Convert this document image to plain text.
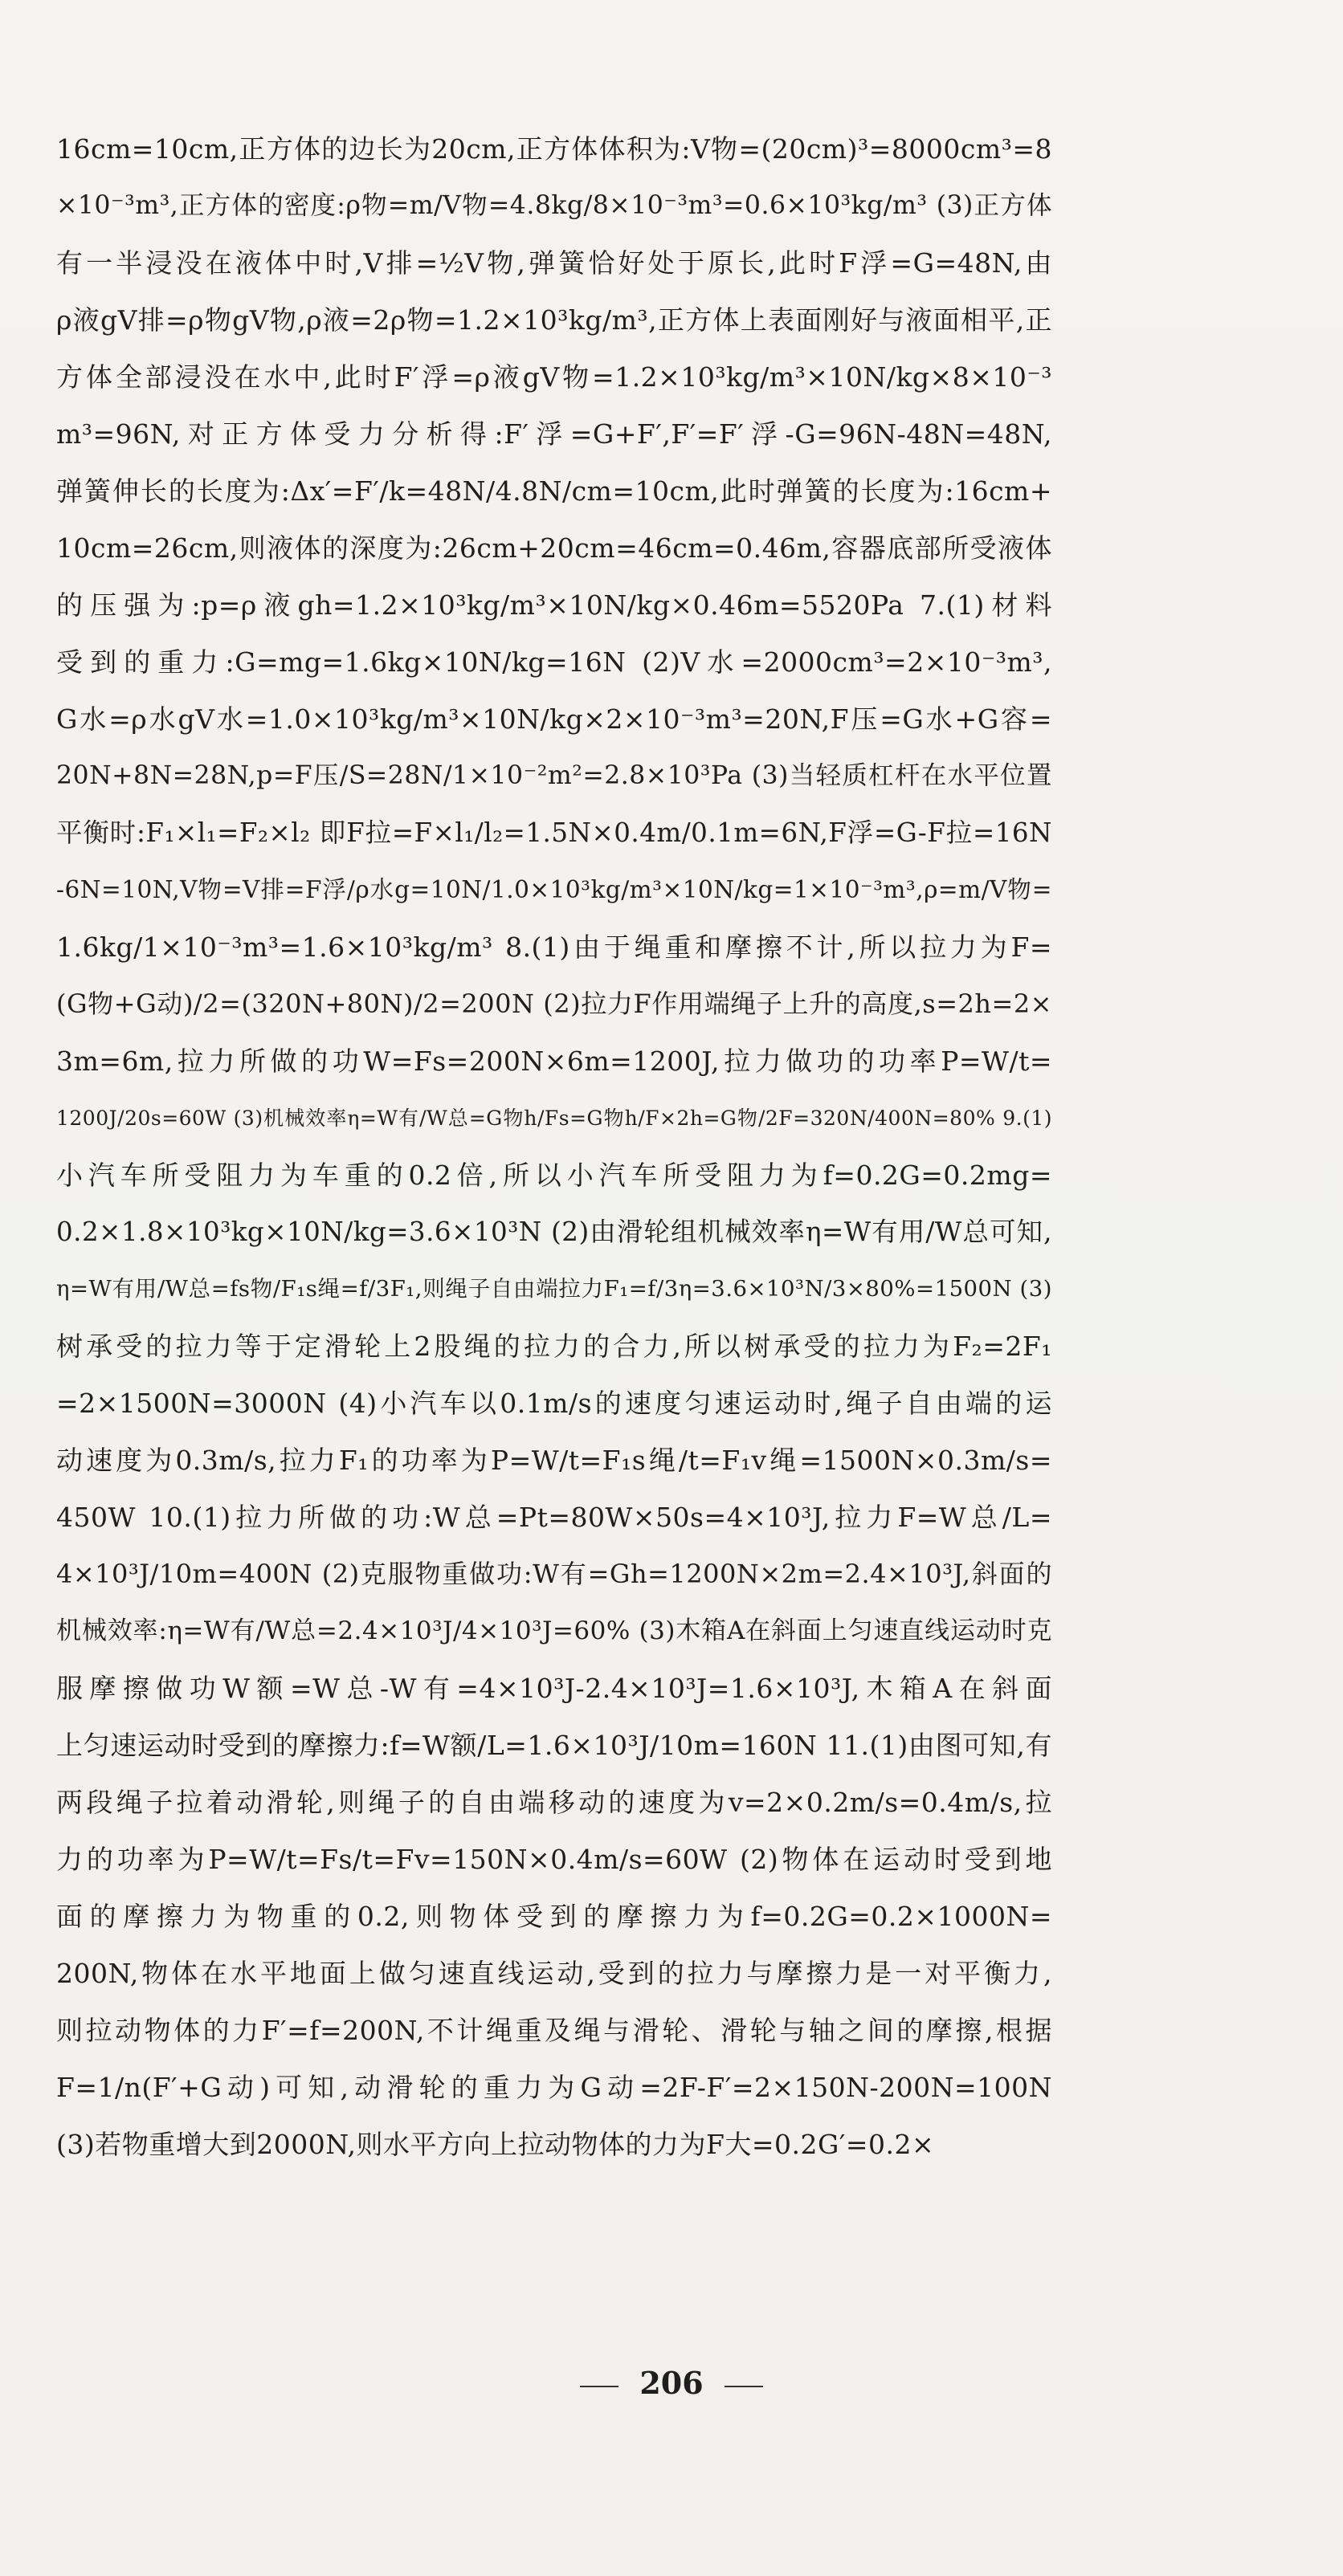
16cm=10cm,正方体的边长为20cm,正方体体积为:V物=(20cm)³=8000cm³=8
×10⁻³m³,正方体的密度:ρ物=m/V物=4.8kg/8×10⁻³m³=0.6×10³kg/m³ (3)正方体
有一半浸没在液体中时,V排=½V物,弹簧恰好处于原长,此时F浮=G=48N,由
ρ液gV排=ρ物gV物,ρ液=2ρ物=1.2×10³kg/m³,正方体上表面刚好与液面相平,正
方体全部浸没在水中,此时F′浮=ρ液gV物=1.2×10³kg/m³×10N/kg×8×10⁻³
m³=96N,对正方体受力分析得:F′浮=G+F′,F′=F′浮-G=96N-48N=48N,
弹簧伸长的长度为:Δx′=F′/k=48N/4.8N/cm=10cm,此时弹簧的长度为:16cm+
10cm=26cm,则液体的深度为:26cm+20cm=46cm=0.46m,容器底部所受液体
的压强为:p=ρ液gh=1.2×10³kg/m³×10N/kg×0.46m=5520Pa 7.(1)材料
受到的重力:G=mg=1.6kg×10N/kg=16N (2)V水=2000cm³=2×10⁻³m³,
G水=ρ水gV水=1.0×10³kg/m³×10N/kg×2×10⁻³m³=20N,F压=G水+G容=
20N+8N=28N,p=F压/S=28N/1×10⁻²m²=2.8×10³Pa (3)当轻质杠杆在水平位置
平衡时:F₁×l₁=F₂×l₂ 即F拉=F×l₁/l₂=1.5N×0.4m/0.1m=6N,F浮=G-F拉=16N
-6N=10N,V物=V排=F浮/ρ水g=10N/1.0×10³kg/m³×10N/kg=1×10⁻³m³,ρ=m/V物=
1.6kg/1×10⁻³m³=1.6×10³kg/m³ 8.(1)由于绳重和摩擦不计,所以拉力为F=
(G物+G动)/2=(320N+80N)/2=200N (2)拉力F作用端绳子上升的高度,s=2h=2×
3m=6m,拉力所做的功W=Fs=200N×6m=1200J,拉力做功的功率P=W/t=
1200J/20s=60W (3)机械效率η=W有/W总=G物h/Fs=G物h/F×2h=G物/2F=320N/400N=80% 9.(1)
小汽车所受阻力为车重的0.2倍,所以小汽车所受阻力为f=0.2G=0.2mg=
0.2×1.8×10³kg×10N/kg=3.6×10³N (2)由滑轮组机械效率η=W有用/W总可知,
η=W有用/W总=fs物/F₁s绳=f/3F₁,则绳子自由端拉力F₁=f/3η=3.6×10³N/3×80%=1500N (3)
树承受的拉力等于定滑轮上2股绳的拉力的合力,所以树承受的拉力为F₂=2F₁
=2×1500N=3000N (4)小汽车以0.1m/s的速度匀速运动时,绳子自由端的运
动速度为0.3m/s,拉力F₁的功率为P=W/t=F₁s绳/t=F₁v绳=1500N×0.3m/s=
450W 10.(1)拉力所做的功:W总=Pt=80W×50s=4×10³J,拉力F=W总/L=
4×10³J/10m=400N (2)克服物重做功:W有=Gh=1200N×2m=2.4×10³J,斜面的
机械效率:η=W有/W总=2.4×10³J/4×10³J=60% (3)木箱A在斜面上匀速直线运动时克
服摩擦做功W额=W总-W有=4×10³J-2.4×10³J=1.6×10³J,木箱A在斜面
上匀速运动时受到的摩擦力:f=W额/L=1.6×10³J/10m=160N 11.(1)由图可知,有
两段绳子拉着动滑轮,则绳子的自由端移动的速度为v=2×0.2m/s=0.4m/s,拉
力的功率为P=W/t=Fs/t=Fv=150N×0.4m/s=60W (2)物体在运动时受到地
面的摩擦力为物重的0.2,则物体受到的摩擦力为f=0.2G=0.2×1000N=
200N,物体在水平地面上做匀速直线运动,受到的拉力与摩擦力是一对平衡力,
则拉动物体的力F′=f=200N,不计绳重及绳与滑轮、滑轮与轴之间的摩擦,根据
F=1/n(F′+G动)可知,动滑轮的重力为G动=2F-F′=2×150N-200N=100N
(3)若物重增大到2000N,则水平方向上拉动物体的力为F大=0.2G′=0.2×
206
